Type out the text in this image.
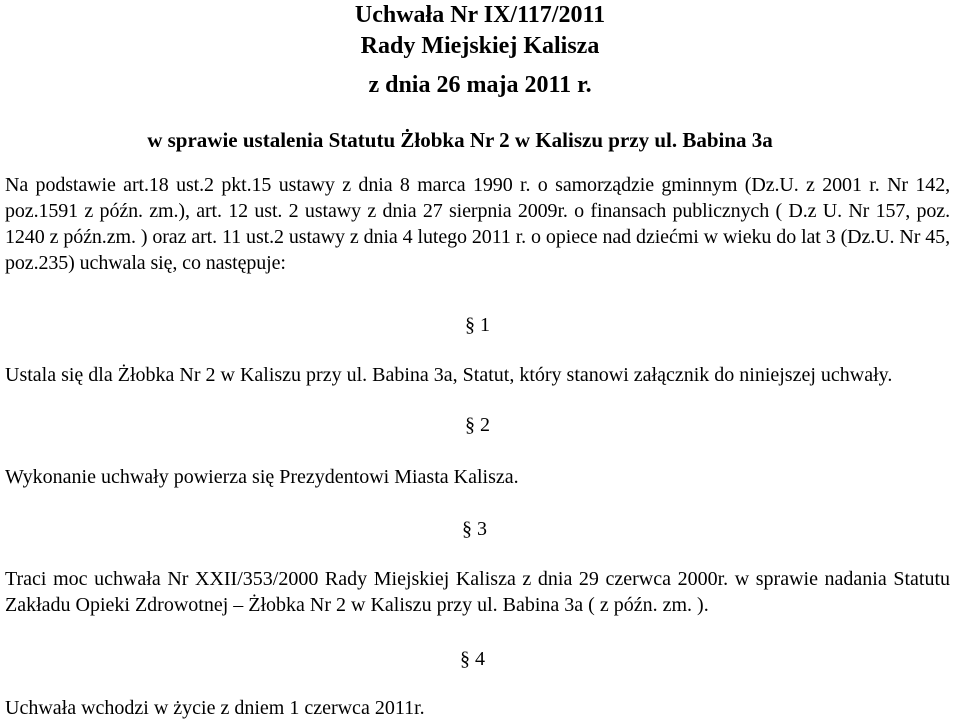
Uchwała Nr IX/117/2011
Rady Miejskiej Kalisza
z dnia 26 maja 2011 r.
w sprawie ustalenia Statutu Żłobka Nr 2 w Kaliszu przy ul. Babina 3a

Na podstawie art.18 ust.2 pkt.15 ustawy z dnia 8 marca 1990 r. o samorządzie gminnym (Dz.U. z 2001 r. Nr 142, poz.1591 z późn. zm.), art. 12 ust. 2 ustawy z dnia 27 sierpnia 2009r. o finansach publicznych ( D.z U. Nr 157, poz. 1240 z późn.zm. ) oraz art. 11 ust.2 ustawy z dnia 4 lutego 2011 r. o opiece nad dziećmi w wieku do lat 3 (Dz.U. Nr 45, poz.235) uchwala się, co następuje:

§ 1

Ustala się dla Żłobka Nr 2 w Kaliszu przy ul. Babina 3a, Statut, który stanowi załącznik do niniejszej uchwały.

§ 2

Wykonanie uchwały powierza się Prezydentowi Miasta Kalisza.

§ 3

Traci moc uchwała Nr XXII/353/2000 Rady Miejskiej Kalisza z dnia 29 czerwca 2000r. w sprawie nadania Statutu Zakładu Opieki Zdrowotnej – Żłobka Nr 2 w Kaliszu przy ul. Babina 3a ( z późn. zm. ).

§ 4

Uchwała wchodzi w życie z dniem 1 czerwca 2011r.
